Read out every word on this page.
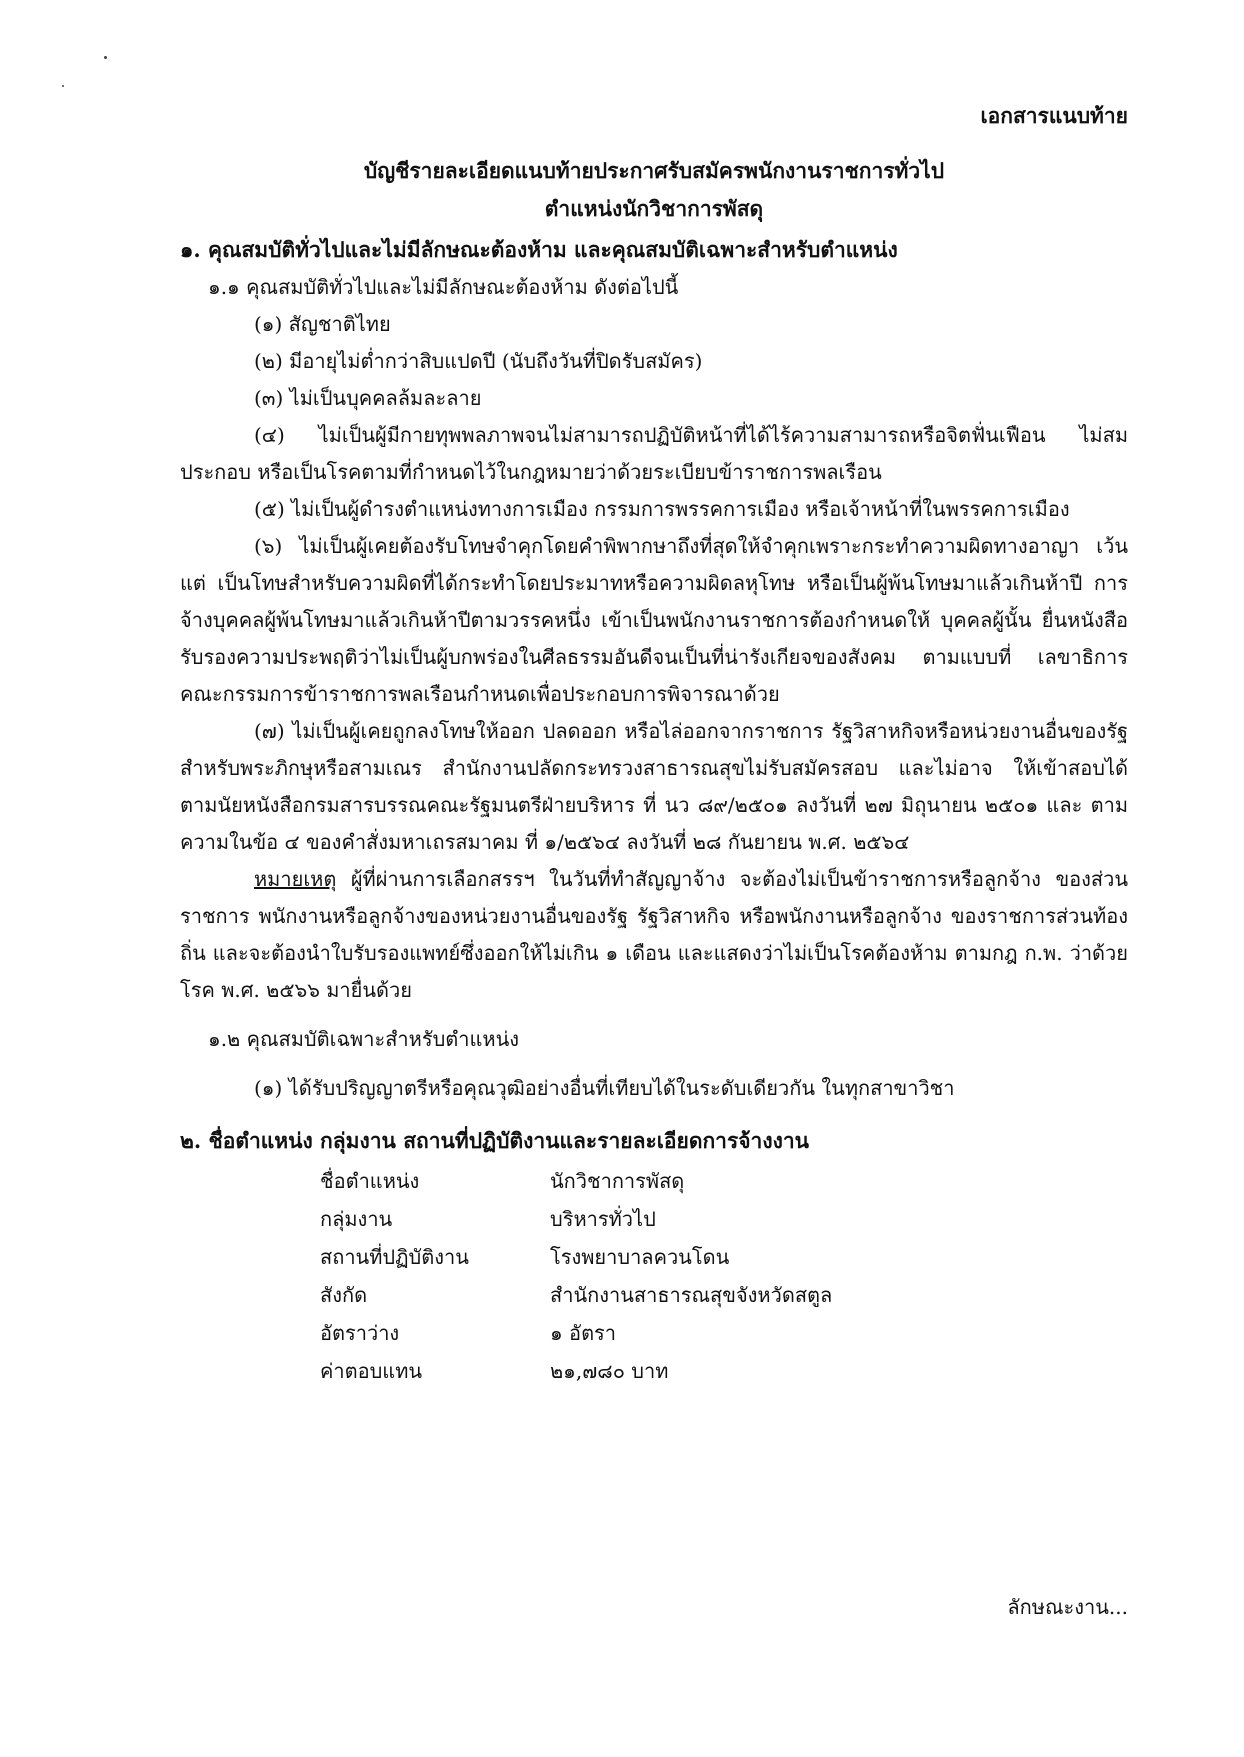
เอกสารแนบท้าย
บัญชีรายละเอียดแนบท้ายประกาศรับสมัครพนักงานราชการทั่วไป
ตำแหน่งนักวิชาการพัสดุ
๑. คุณสมบัติทั่วไปและไม่มีลักษณะต้องห้าม และคุณสมบัติเฉพาะสำหรับตำแหน่ง
๑.๑ คุณสมบัติทั่วไปและไม่มีลักษณะต้องห้าม ดังต่อไปนี้
(๑) สัญชาติไทย
(๒) มีอายุไม่ต่ำกว่าสิบแปดปี (นับถึงวันที่ปิดรับสมัคร)
(๓) ไม่เป็นบุคคลล้มละลาย
(๔) ไม่เป็นผู้มีกายทุพพลภาพจนไม่สามารถปฏิบัติหน้าที่ได้ไร้ความสามารถหรือจิตฟั่นเฟือน ไม่สมประกอบ หรือเป็นโรคตามที่กำหนดไว้ในกฎหมายว่าด้วยระเบียบข้าราชการพลเรือน
(๕) ไม่เป็นผู้ดำรงตำแหน่งทางการเมือง กรรมการพรรคการเมือง หรือเจ้าหน้าที่ในพรรคการเมือง
(๖) ไม่เป็นผู้เคยต้องรับโทษจำคุกโดยคำพิพากษาถึงที่สุดให้จำคุกเพราะกระทำความผิดทางอาญา เว้นแต่ เป็นโทษสำหรับความผิดที่ได้กระทำโดยประมาทหรือความผิดลหุโทษ หรือเป็นผู้พ้นโทษมาแล้วเกินห้าปี การจ้างบุคคลผู้พ้นโทษมาแล้วเกินห้าปีตามวรรคหนึ่ง เข้าเป็นพนักงานราชการต้องกำหนดให้ บุคคลผู้นั้น ยื่นหนังสือรับรองความประพฤติว่าไม่เป็นผู้บกพร่องในศีลธรรมอันดีจนเป็นที่น่ารังเกียจของสังคม ตามแบบที่ เลขาธิการคณะกรรมการข้าราชการพลเรือนกำหนดเพื่อประกอบการพิจารณาด้วย
(๗) ไม่เป็นผู้เคยถูกลงโทษให้ออก ปลดออก หรือไล่ออกจากราชการ รัฐวิสาหกิจหรือหน่วยงานอื่นของรัฐ สำหรับพระภิกษุหรือสามเณร สำนักงานปลัดกระทรวงสาธารณสุขไม่รับสมัครสอบ และไม่อาจ ให้เข้าสอบได้ ตามนัยหนังสือกรมสารบรรณคณะรัฐมนตรีฝ่ายบริหาร ที่ นว ๘๙/๒๕๐๑ ลงวันที่ ๒๗ มิถุนายน ๒๕๐๑ และ ตามความในข้อ ๔ ของคำสั่งมหาเถรสมาคม ที่ ๑/๒๕๖๔ ลงวันที่ ๒๘ กันยายน พ.ศ. ๒๕๖๔
หมายเหตุ ผู้ที่ผ่านการเลือกสรรฯ ในวันที่ทำสัญญาจ้าง จะต้องไม่เป็นข้าราชการหรือลูกจ้าง ของส่วนราชการ พนักงานหรือลูกจ้างของหน่วยงานอื่นของรัฐ รัฐวิสาหกิจ หรือพนักงานหรือลูกจ้าง ของราชการส่วนท้องถิ่น และจะต้องนำใบรับรองแพทย์ซึ่งออกให้ไม่เกิน ๑ เดือน และแสดงว่าไม่เป็นโรคต้องห้าม ตามกฎ ก.พ. ว่าด้วยโรค พ.ศ. ๒๕๖๖ มายื่นด้วย
๑.๒ คุณสมบัติเฉพาะสำหรับตำแหน่ง
(๑) ได้รับปริญญาตรีหรือคุณวุฒิอย่างอื่นที่เทียบได้ในระดับเดียวกัน ในทุกสาขาวิชา
๒. ชื่อตำแหน่ง กลุ่มงาน สถานที่ปฏิบัติงานและรายละเอียดการจ้างงาน
ชื่อตำแหน่ง	นักวิชาการพัสดุ
กลุ่มงาน	บริหารทั่วไป
สถานที่ปฏิบัติงาน	โรงพยาบาลควนโดน
สังกัด	สำนักงานสาธารณสุขจังหวัดสตูล
อัตราว่าง	๑ อัตรา
ค่าตอบแทน	๒๑,๗๘๐ บาท
ลักษณะงาน...
